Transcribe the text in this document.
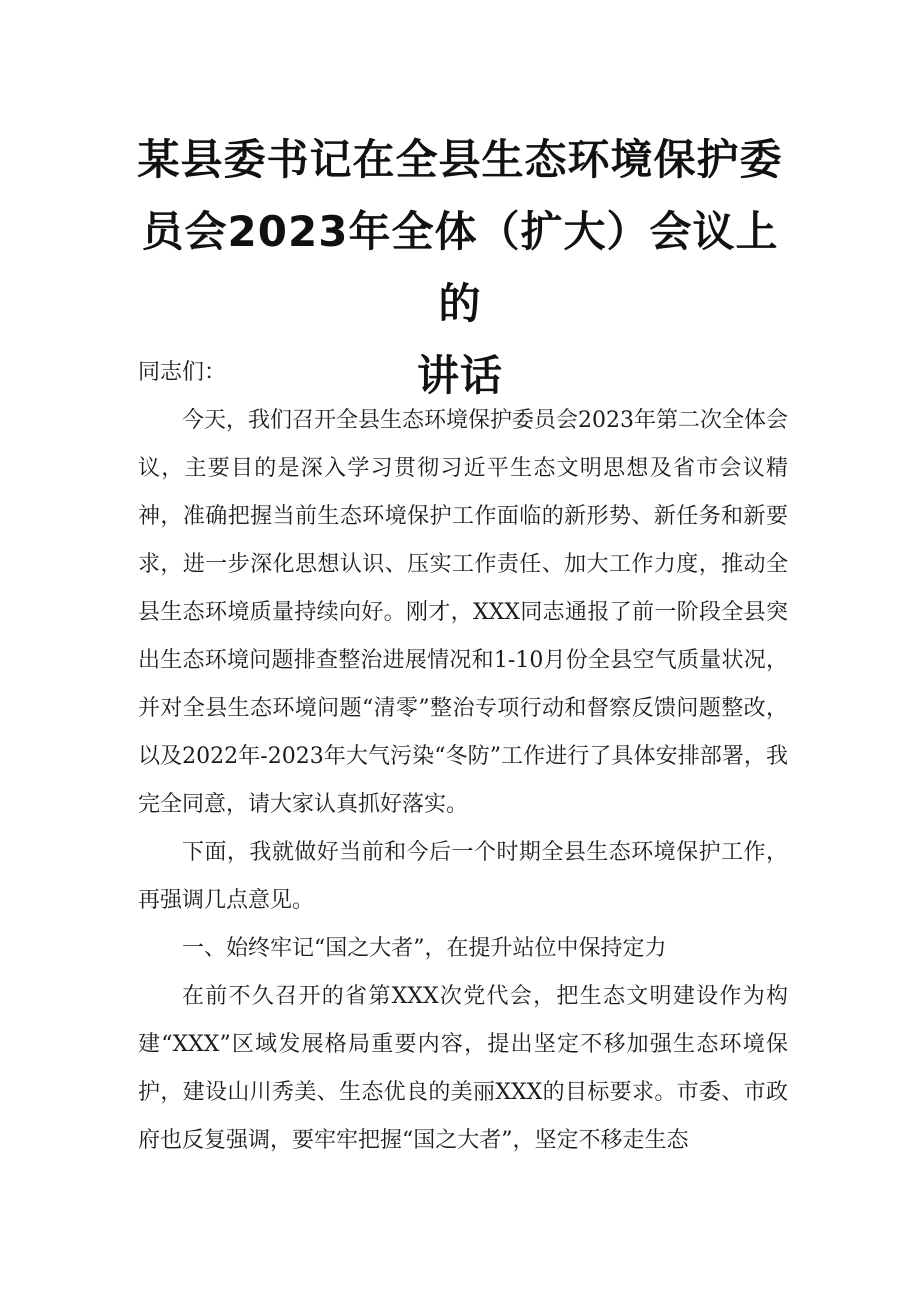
某县委书记在全县生态环境保护委
员会2023年全体（扩大）会议上的
讲话

同志们：

今天，我们召开全县生态环境保护委员会2023年第二次全体会议，主要目的是深入学习贯彻习近平生态文明思想及省市会议精神，准确把握当前生态环境保护工作面临的新形势、新任务和新要求，进一步深化思想认识、压实工作责任、加大工作力度，推动全县生态环境质量持续向好。刚才，XXX同志通报了前一阶段全县突出生态环境问题排查整治进展情况和1-10月份全县空气质量状况，并对全县生态环境问题“清零”整治专项行动和督察反馈问题整改，以及2022年-2023年大气污染“冬防”工作进行了具体安排部署，我完全同意，请大家认真抓好落实。

下面，我就做好当前和今后一个时期全县生态环境保护工作，再强调几点意见。

一、始终牢记“国之大者”，在提升站位中保持定力

在前不久召开的省第XXX次党代会，把生态文明建设作为构建“XXX”区域发展格局重要内容，提出坚定不移加强生态环境保护，建设山川秀美、生态优良的美丽XXX的目标要求。市委、市政府也反复强调，要牢牢把握“国之大者”，坚定不移走生态
